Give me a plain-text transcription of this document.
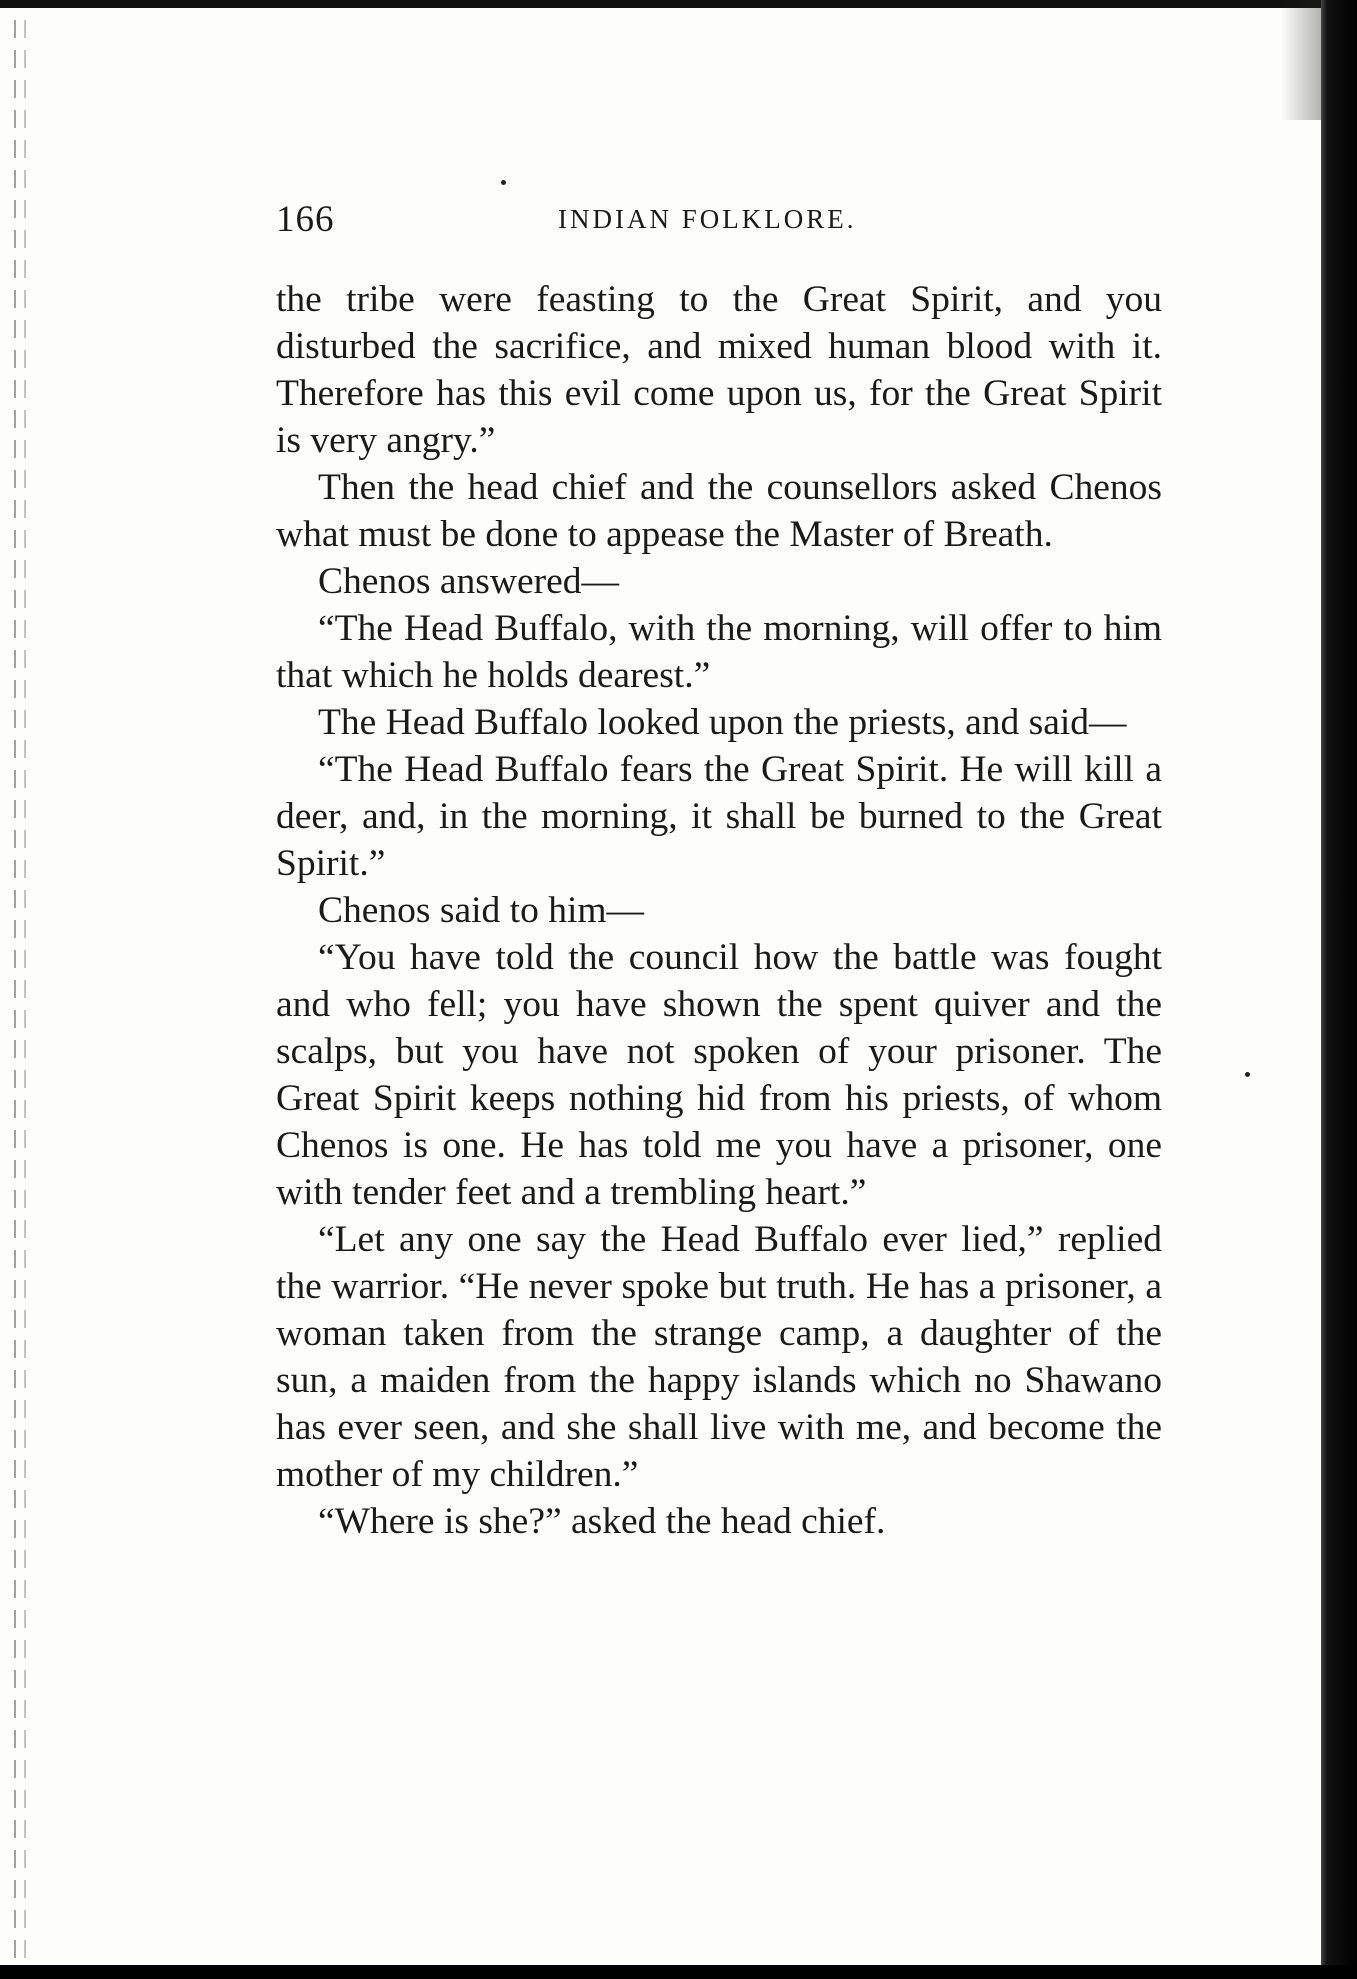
166	INDIAN FOLKLORE.

the tribe were feasting to the Great Spirit, and you disturbed the sacrifice, and mixed human blood with it. Therefore has this evil come upon us, for the Great Spirit is very angry.”

Then the head chief and the counsellors asked Chenos what must be done to appease the Master of Breath.

Chenos answered—

“The Head Buffalo, with the morning, will offer to him that which he holds dearest.”

The Head Buffalo looked upon the priests, and said—

“The Head Buffalo fears the Great Spirit. He will kill a deer, and, in the morning, it shall be burned to the Great Spirit.”

Chenos said to him—

“You have told the council how the battle was fought and who fell; you have shown the spent quiver and the scalps, but you have not spoken of your prisoner. The Great Spirit keeps nothing hid from his priests, of whom Chenos is one. He has told me you have a prisoner, one with tender feet and a trembling heart.”

“Let any one say the Head Buffalo ever lied,” replied the warrior. “He never spoke but truth. He has a prisoner, a woman taken from the strange camp, a daughter of the sun, a maiden from the happy islands which no Shawano has ever seen, and she shall live with me, and become the mother of my children.”

“Where is she?” asked the head chief.
